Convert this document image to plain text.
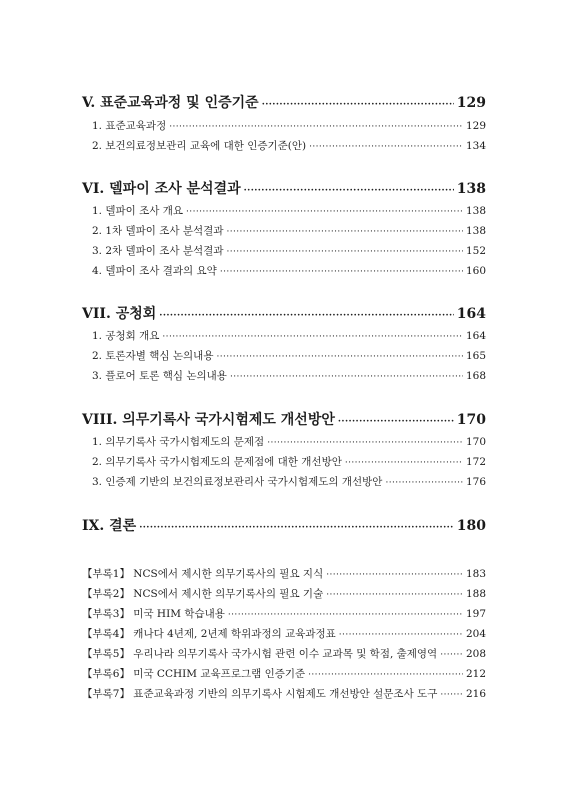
V. 표준교육과정 및 인증기준 ·····	129
1. 표준교육과정 ·····	129
2. 보건의료정보관리 교육에 대한 인증기준(안) ·····	134
VI. 델파이 조사 분석결과 ·····	138
1. 델파이 조사 개요 ·····	138
2. 1차 델파이 조사 분석결과 ·····	138
3. 2차 델파이 조사 분석결과 ·····	152
4. 델파이 조사 결과의 요약 ·····	160
VII. 공청회 ·····	164
1. 공청회 개요 ·····	164
2. 토론자별 핵심 논의내용 ·····	165
3. 플로어 토론 핵심 논의내용 ·····	168
VIII. 의무기록사 국가시험제도 개선방안 ·····	170
1. 의무기록사 국가시험제도의 문제점 ·····	170
2. 의무기록사 국가시험제도의 문제점에 대한 개선방안 ·····	172
3. 인증제 기반의 보건의료정보관리사 국가시험제도의 개선방안 ·····	176
IX. 결론 ·····	180
【부록1】 NCS에서 제시한 의무기록사의 필요 지식 ·····	183
【부록2】 NCS에서 제시한 의무기록사의 필요 기술 ·····	188
【부록3】 미국 HIM 학습내용 ·····	197
【부록4】 캐나다 4년제, 2년제 학위과정의 교육과정표 ·····	204
【부록5】 우리나라 의무기록사 국가시험 관련 이수 교과목 및 학점, 출제영역 ·····	208
【부록6】 미국 CCHIM 교육프로그램 인증기준 ·····	212
【부록7】 표준교육과정 기반의 의무기록사 시험제도 개선방안 설문조사 도구 ·····	216
